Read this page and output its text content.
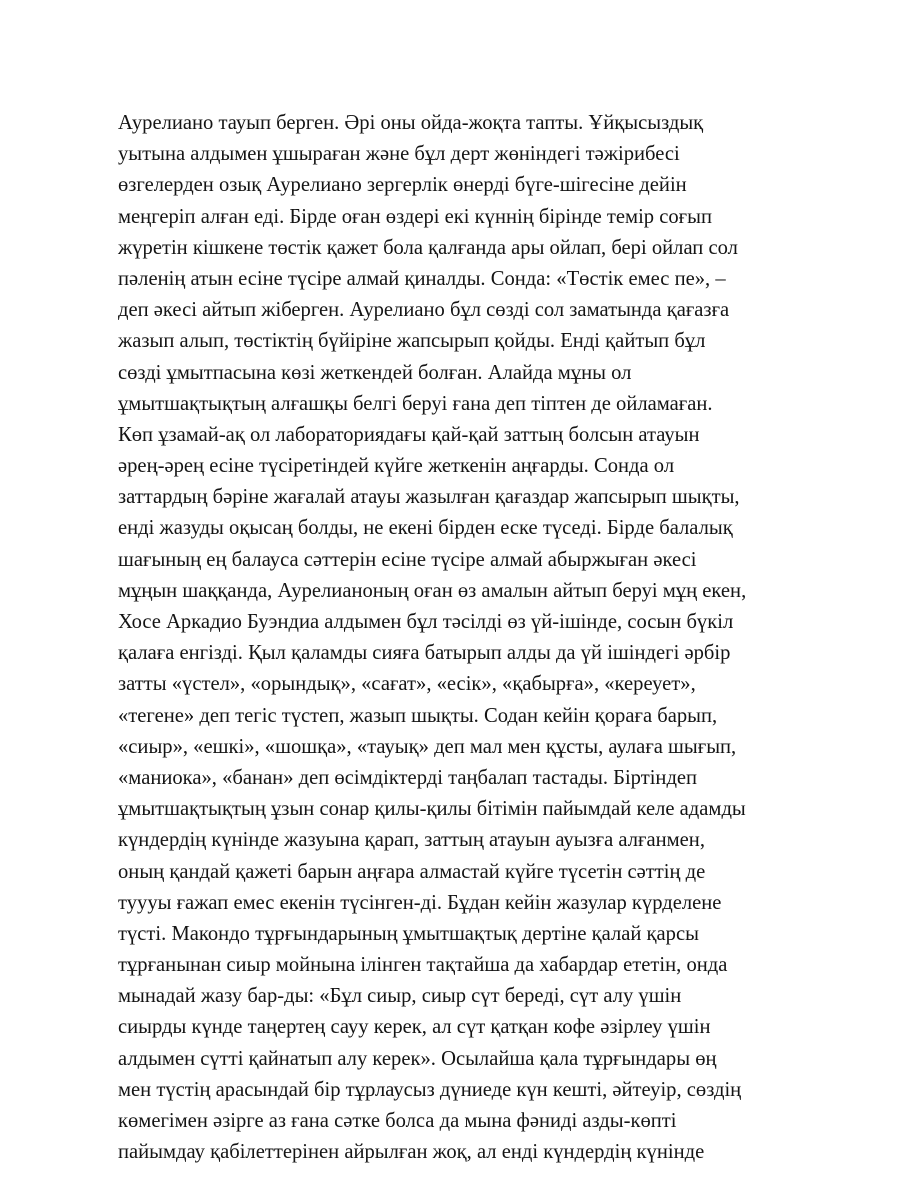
Аурелиано тауып берген. Әрі оны ойда-жоқта тапты. Ұйқысыздық
уытына алдымен ұшыраған және бұл дерт жөніндегі тәжірибесі
өзгелерден озық Аурелиано зергерлік өнерді бүге-шігесіне дейін
меңгеріп алған еді. Бірде оған өздері екі күннің бірінде темір соғып
жүретін кішкене төстік қажет бола қалғанда ары ойлап, бері ойлап сол
пәленің атын есіне түсіре алмай қиналды. Сонда: «Төстік емес пе», –
деп әкесі айтып жіберген. Аурелиано бұл сөзді сол заматында қағазға
жазып алып, төстіктің бүйіріне жапсырып қойды. Енді қайтып бұл
сөзді ұмытпасына көзі жеткендей болған. Алайда мұны ол
ұмытшақтықтың алғашқы белгі беруі ғана деп тіптен де ойламаған.
Көп ұзамай-ақ ол лабораториядағы қай-қай заттың болсын атауын
әрең-әрең есіне түсіретіндей күйге жеткенін аңғарды. Сонда ол
заттардың бәріне жағалай атауы жазылған қағаздар жапсырып шықты,
енді жазуды оқысаң болды, не екені бірден еске түседі. Бірде балалық
шағының ең балауса сәттерін есіне түсіре алмай абыржыған әкесі
мұңын шаққанда, Аурелианоның оған өз амалын айтып беруі мұң екен,
Хосе Аркадио Буэндиа алдымен бұл тәсілді өз үй-ішінде, сосын бүкіл
қалаға енгізді. Қыл қаламды сияға батырып алды да үй ішіндегі әрбір
затты «үстел», «орындық», «сағат», «есік», «қабырға», «кереует»,
«тегене» деп тегіс түстеп, жазып шықты. Содан кейін қораға барып,
«сиыр», «ешкі», «шошқа», «тауық» деп мал мен құсты, аулаға шығып,
«маниока», «банан» деп өсімдіктерді таңбалап тастады. Біртіндеп
ұмытшақтықтың ұзын сонар қилы-қилы бітімін пайымдай келе адамды
күндердің күнінде жазуына қарап, заттың атауын ауызға алғанмен,
оның қандай қажеті барын аңғара алмастай күйге түсетін сәттің де
туууы ғажап емес екенін түсінген-ді. Бұдан кейін жазулар күрделене
түсті. Макондо тұрғындарының ұмытшақтық дертіне қалай қарсы
тұрғанынан сиыр мойнына ілінген тақтайша да хабардар ететін, онда
мынадай жазу бар-ды: «Бұл сиыр, сиыр сүт береді, сүт алу үшін
сиырды күнде таңертең сауу керек, ал сүт қатқан кофе әзірлеу үшін
алдымен сүтті қайнатып алу керек». Осылайша қала тұрғындары өң
мен түстің арасындай бір тұрлаусыз дүниеде күн кешті, әйтеуір, сөздің
көмегімен әзірге аз ғана сәтке болса да мына фәниді азды-көпті
пайымдау қабілеттерінен айрылған жоқ, ал енді күндердің күнінде
